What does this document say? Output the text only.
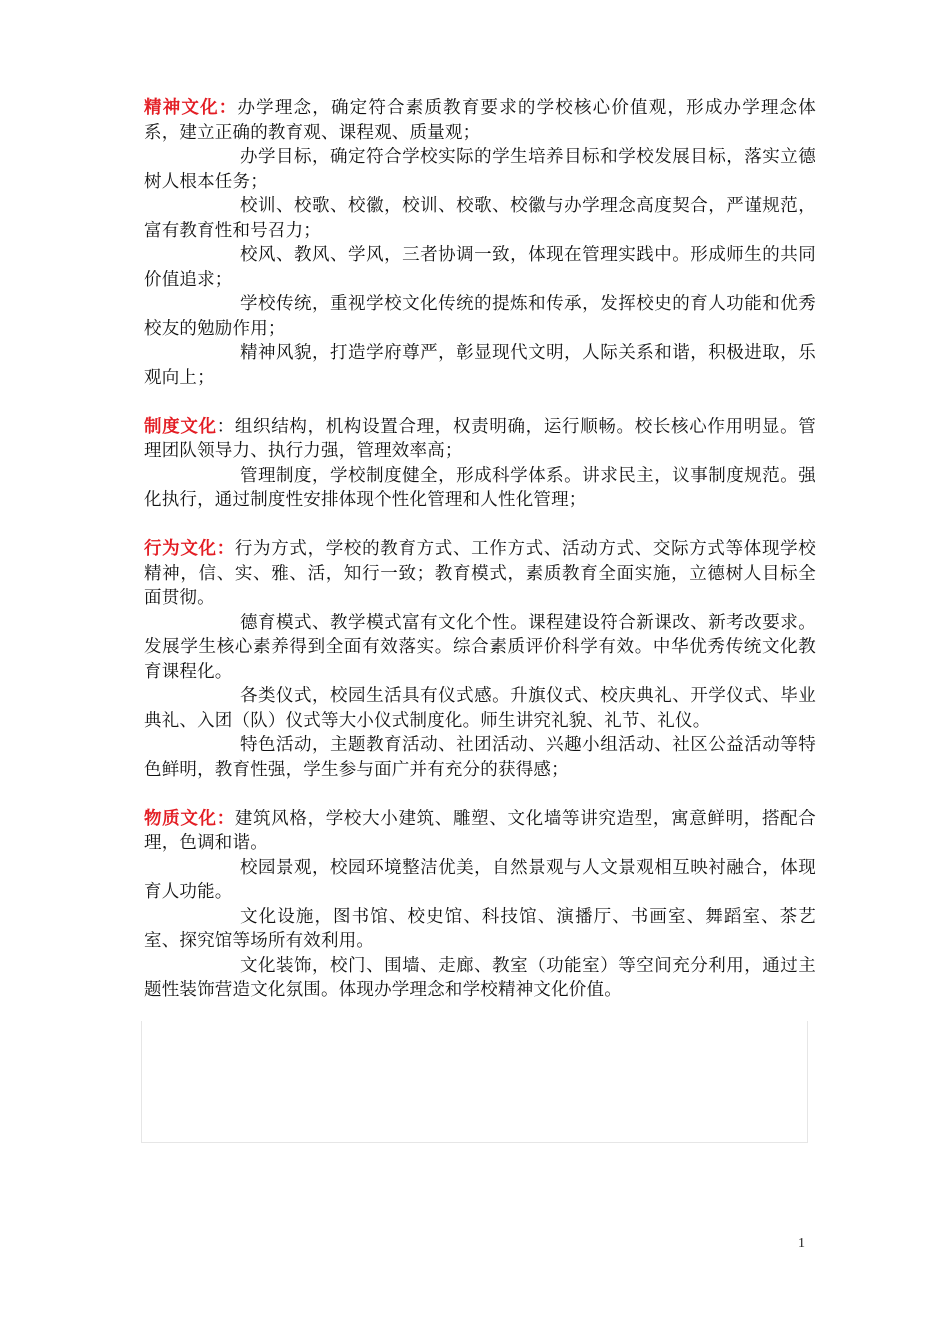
精神文化：办学理念，确定符合素质教育要求的学校核心价值观，形成办学理念体系，建立正确的教育观、课程观、质量观；

办学目标，确定符合学校实际的学生培养目标和学校发展目标，落实立德树人根本任务；

校训、校歌、校徽，校训、校歌、校徽与办学理念高度契合，严谨规范，富有教育性和号召力；

校风、教风、学风，三者协调一致，体现在管理实践中。形成师生的共同价值追求；

学校传统，重视学校文化传统的提炼和传承，发挥校史的育人功能和优秀校友的勉励作用；

精神风貌，打造学府尊严，彰显现代文明，人际关系和谐，积极进取，乐观向上；

制度文化：组织结构，机构设置合理，权责明确，运行顺畅。校长核心作用明显。管理团队领导力、执行力强，管理效率高；

管理制度，学校制度健全，形成科学体系。讲求民主，议事制度规范。强化执行，通过制度性安排体现个性化管理和人性化管理；

行为文化：行为方式，学校的教育方式、工作方式、活动方式、交际方式等体现学校精神，信、实、雅、活，知行一致；教育模式，素质教育全面实施，立德树人目标全面贯彻。

德育模式、教学模式富有文化个性。课程建设符合新课改、新考改要求。发展学生核心素养得到全面有效落实。综合素质评价科学有效。中华优秀传统文化教育课程化。

各类仪式，校园生活具有仪式感。升旗仪式、校庆典礼、开学仪式、毕业典礼、入团（队）仪式等大小仪式制度化。师生讲究礼貌、礼节、礼仪。

特色活动，主题教育活动、社团活动、兴趣小组活动、社区公益活动等特色鲜明，教育性强，学生参与面广并有充分的获得感；

物质文化：建筑风格，学校大小建筑、雕塑、文化墙等讲究造型，寓意鲜明，搭配合理，色调和谐。

校园景观，校园环境整洁优美，自然景观与人文景观相互映衬融合，体现育人功能。

文化设施，图书馆、校史馆、科技馆、演播厅、书画室、舞蹈室、茶艺室、探究馆等场所有效利用。

文化装饰，校门、围墙、走廊、教室（功能室）等空间充分利用，通过主题性装饰营造文化氛围。体现办学理念和学校精神文化价值。

1
